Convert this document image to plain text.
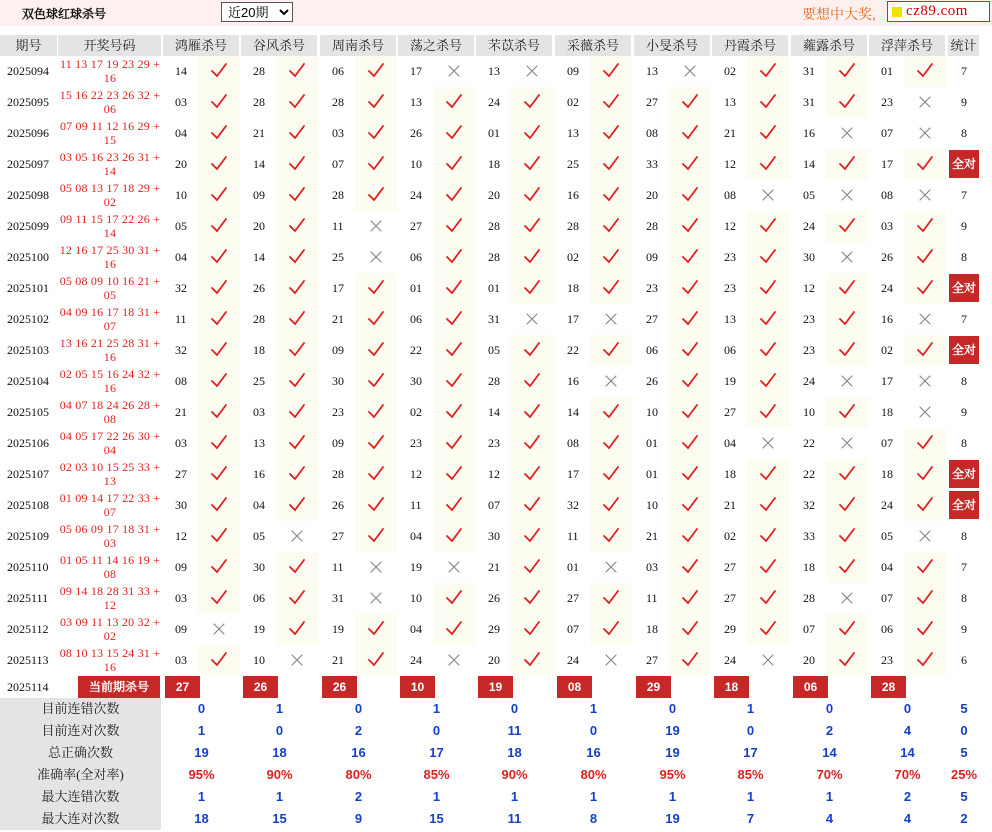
双色球红球杀号
近20期	要想中大奖, cz89.com
期号	开奖号码	鸿雁杀号	谷风杀号	周南杀号	荡之杀号	芣苡杀号	采薇杀号	小旻杀号	丹霞杀号	蕹露杀号	浮萍杀号	统计
2025094 11 13 17 19 23 29 + 16	14	28	06	17	13	09	13	02	31	01	7
2025095 15 16 22 23 26 32 + 06	03	28	28	13	24	02	27	13	31	23	9
2025096 07 09 11 12 16 29 + 15	04	21	03	26	01	13	08	21	16	07	8
2025097 03 05 16 23 26 31 + 14	20	14	07	10	18	25	33	12	14	17	全对
2025098 05 08 13 17 18 29 + 02	10	09	28	24	20	16	20	08	05	08	7
2025099 09 11 15 17 22 26 + 14	05	20	11	27	28	28	28	12	24	03	9
2025100 12 16 17 25 30 31 + 16	04	14	25	06	28	02	09	23	30	26	8
2025101 05 08 09 10 16 21 + 05	32	26	17	01	01	18	23	23	12	24	全对
2025102 04 09 16 17 18 31 + 07	11	28	21	06	31	17	27	13	23	16	7
2025103 13 16 21 25 28 31 + 16	32	18	09	22	05	22	06	06	23	02	全对
2025104 02 05 15 16 24 32 + 16	08	25	30	30	28	16	26	19	24	17	8
2025105 04 07 18 24 26 28 + 08	21	03	23	02	14	14	10	27	10	18	9
2025106 04 05 17 22 26 30 + 04	03	13	09	23	23	08	01	04	22	07	8
2025107 02 03 10 15 25 33 + 13	27	16	28	12	12	17	01	18	22	18	全对
2025108 01 09 14 17 22 33 + 07	30	04	26	11	07	32	10	21	32	24	全对
2025109 05 06 09 17 18 31 + 03	12	05	27	04	30	11	21	02	33	05	8
2025110 01 05 11 14 16 19 + 08	09	30	11	19	21	01	03	27	18	04	7
2025111 09 14 18 28 31 33 + 12	03	06	31	10	26	27	11	27	28	07	8
2025112 03 09 11 13 20 32 + 02	09	19	19	04	29	07	18	29	07	06	9
2025113 08 10 13 15 24 31 + 16	03	10	21	24	20	24	27	24	20	23	6
2025114	当前期杀号	27	26	26	10	19	08	29	18	06	28
目前连错次数	0	1	0	1	0	1	0	1	0	0	5
目前连对次数	1	0	2	0	11	0	19	0	2	4	0
总正确次数	19	18	16	17	18	16	19	17	14	14	5
准确率(全对率)	95%	90%	80%	85%	90%	80%	95%	85%	70%	70%	25%
最大连错次数	1	1	2	1	1	1	1	1	1	2	5
最大连对次数	18	15	9	15	11	8	19	7	4	4	2
